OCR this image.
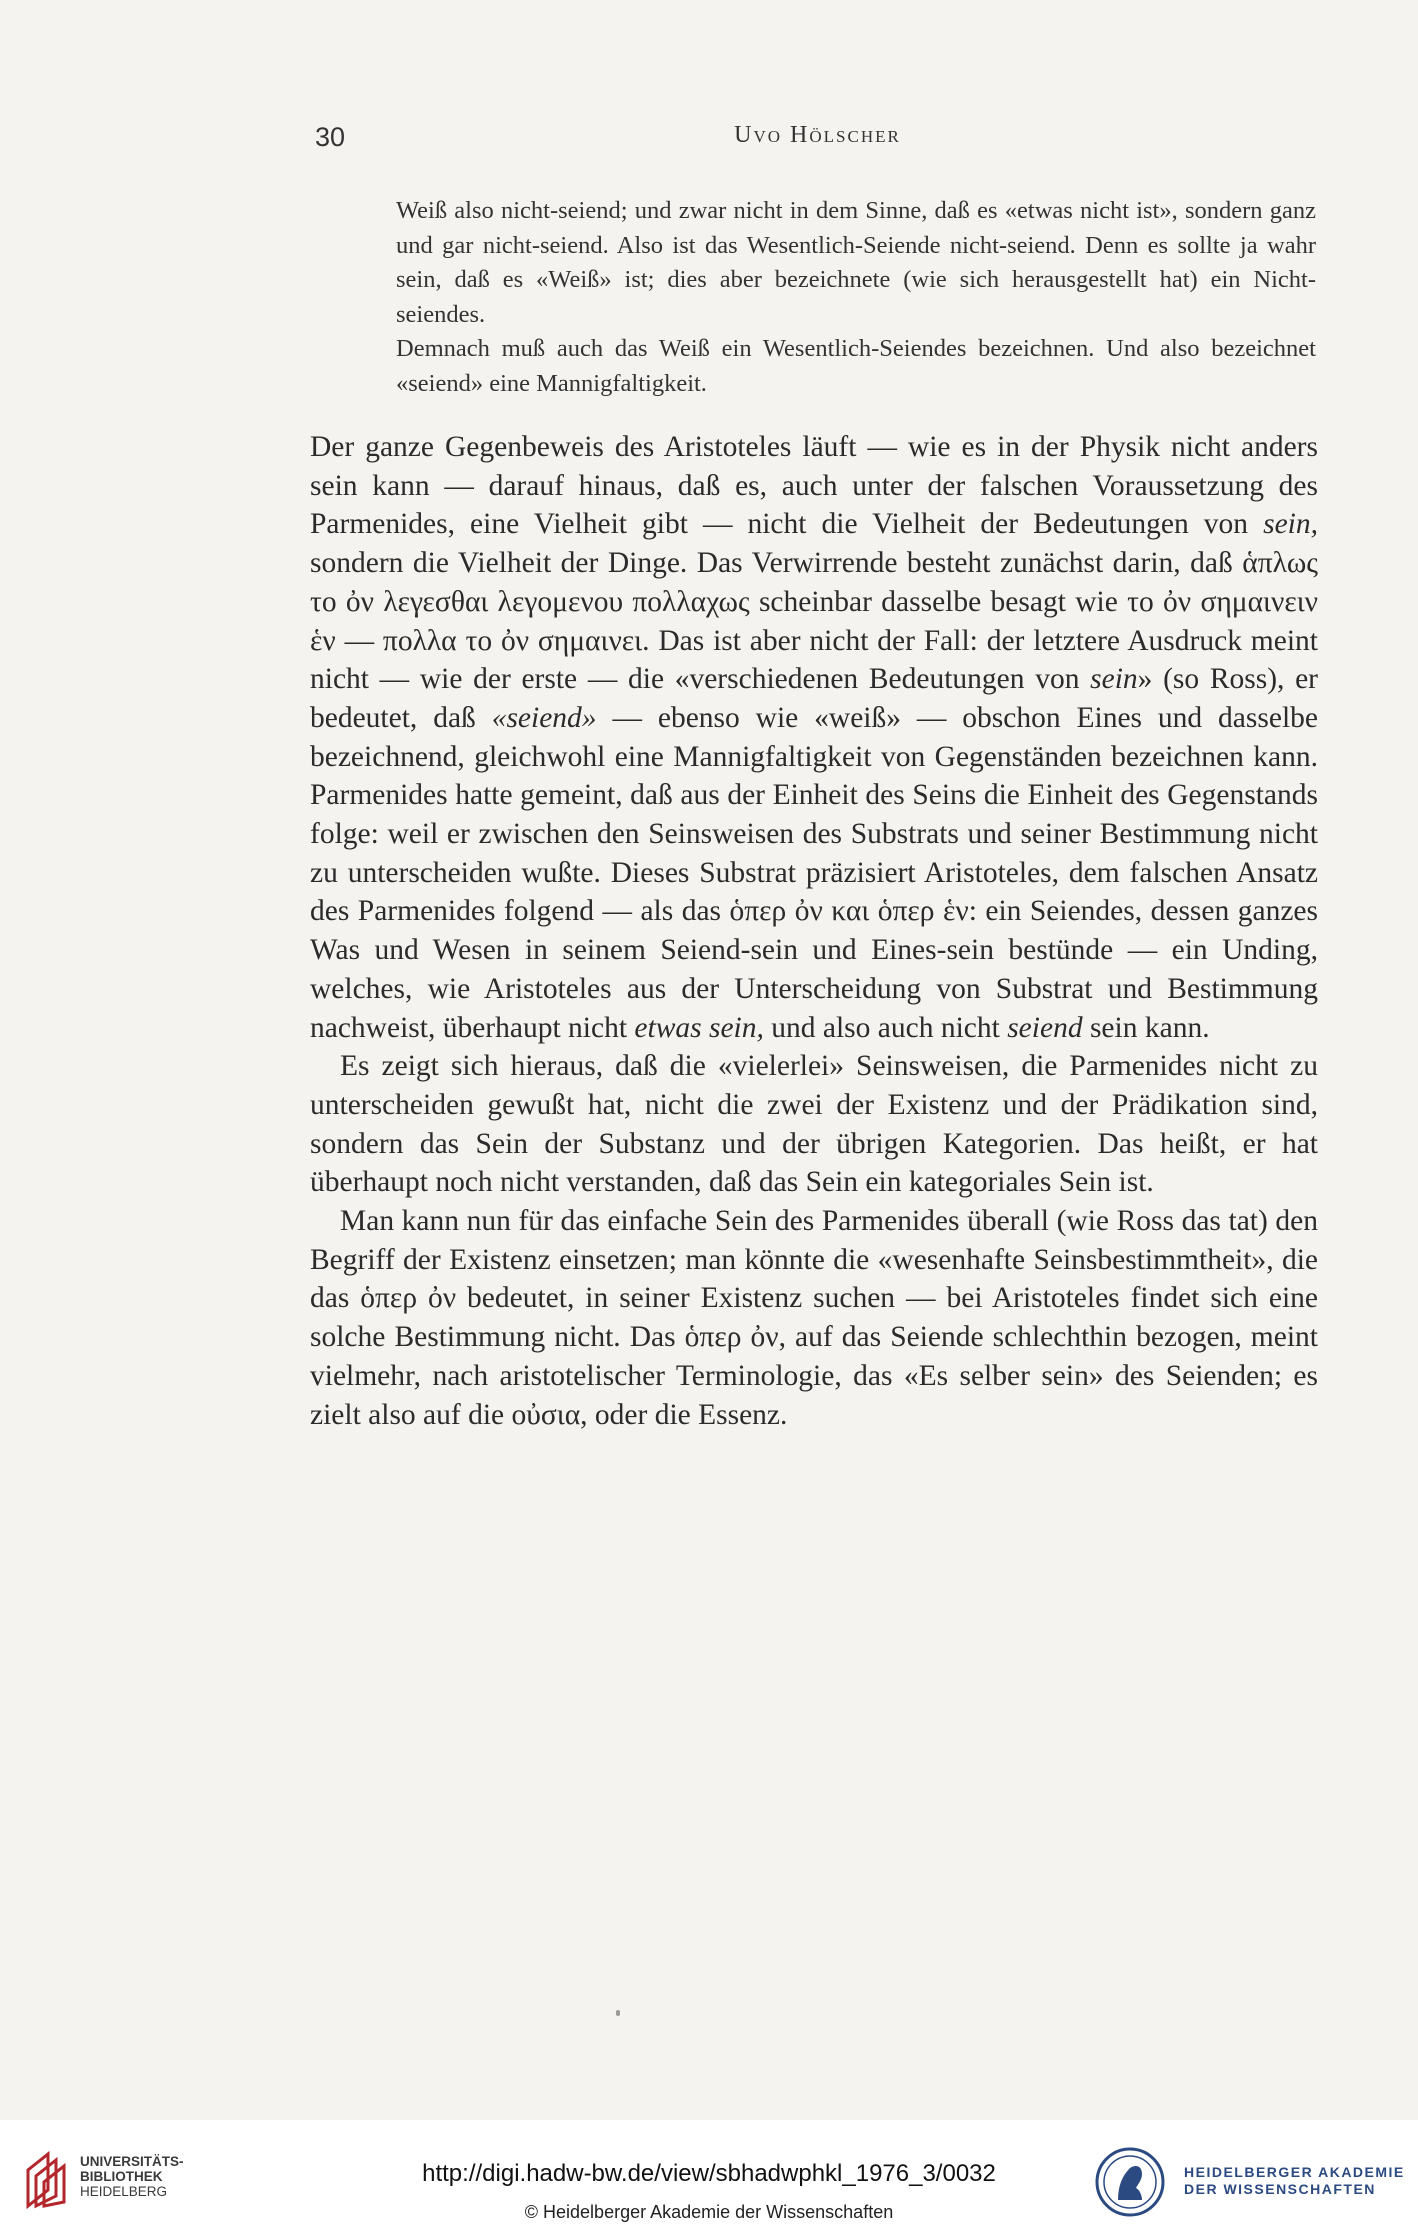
30	Uvo Hölscher

Weiß also nicht-seiend; und zwar nicht in dem Sinne, daß es «etwas nicht ist», sondern ganz und gar nicht-seiend. Also ist das Wesentlich-Seiende nicht-seiend. Denn es sollte ja wahr sein, daß es «Weiß» ist; dies aber bezeichnete (wie sich herausgestellt hat) ein Nicht-seiendes.

Demnach muß auch das Weiß ein Wesentlich-Seiendes bezeichnen. Und also bezeichnet «seiend» eine Mannigfaltigkeit.

Der ganze Gegenbeweis des Aristoteles läuft — wie es in der Physik nicht anders sein kann — darauf hinaus, daß es, auch unter der falschen Voraussetzung des Parmenides, eine Vielheit gibt — nicht die Vielheit der Bedeutungen von sein, sondern die Vielheit der Dinge. Das Verwirrende besteht zunächst darin, daß ἁπλως το ὀν λεγεσθαι λεγομενου πολλαχως scheinbar dasselbe besagt wie το ὀν σημαινειν ἑν — πολλα το ὀν σημαινει. Das ist aber nicht der Fall: der letztere Ausdruck meint nicht — wie der erste — die «verschiedenen Bedeutungen von sein» (so Ross), er bedeutet, daß «seiend» — ebenso wie «weiß» — obschon Eines und dasselbe bezeichnend, gleichwohl eine Mannigfaltigkeit von Gegenständen bezeichnen kann. Parmenides hatte gemeint, daß aus der Einheit des Seins die Einheit des Gegenstands folge: weil er zwischen den Seinsweisen des Substrats und seiner Bestimmung nicht zu unterscheiden wußte. Dieses Substrat präzisiert Aristoteles, dem falschen Ansatz des Parmenides folgend — als das ὁπερ ὀν και ὁπερ ἑν: ein Seiendes, dessen ganzes Was und Wesen in seinem Seiend-sein und Eines-sein bestünde — ein Unding, welches, wie Aristoteles aus der Unterscheidung von Substrat und Bestimmung nachweist, überhaupt nicht etwas sein, und also auch nicht seiend sein kann.

Es zeigt sich hieraus, daß die «vielerlei» Seinsweisen, die Parmenides nicht zu unterscheiden gewußt hat, nicht die zwei der Existenz und der Prädikation sind, sondern das Sein der Substanz und der übrigen Kategorien. Das heißt, er hat überhaupt noch nicht verstanden, daß das Sein ein kategoriales Sein ist.

Man kann nun für das einfache Sein des Parmenides überall (wie Ross das tat) den Begriff der Existenz einsetzen; man könnte die «wesenhafte Seinsbestimmtheit», die das ὁπερ ὀν bedeutet, in seiner Existenz suchen — bei Aristoteles findet sich eine solche Bestimmung nicht. Das ὁπερ ὀν, auf das Seiende schlechthin bezogen, meint vielmehr, nach aristotelischer Terminologie, das «Es selber sein» des Seienden; es zielt also auf die οὐσια, oder die Essenz.

UNIVERSITÄTS-
BIBLIOTHEK
HEIDELBERG
http://digi.hadw-bw.de/view/sbhadwphkl_1976_3/0032
© Heidelberger Akademie der Wissenschaften
HEIDELBERGER AKADEMIE
DER WISSENSCHAFTEN
